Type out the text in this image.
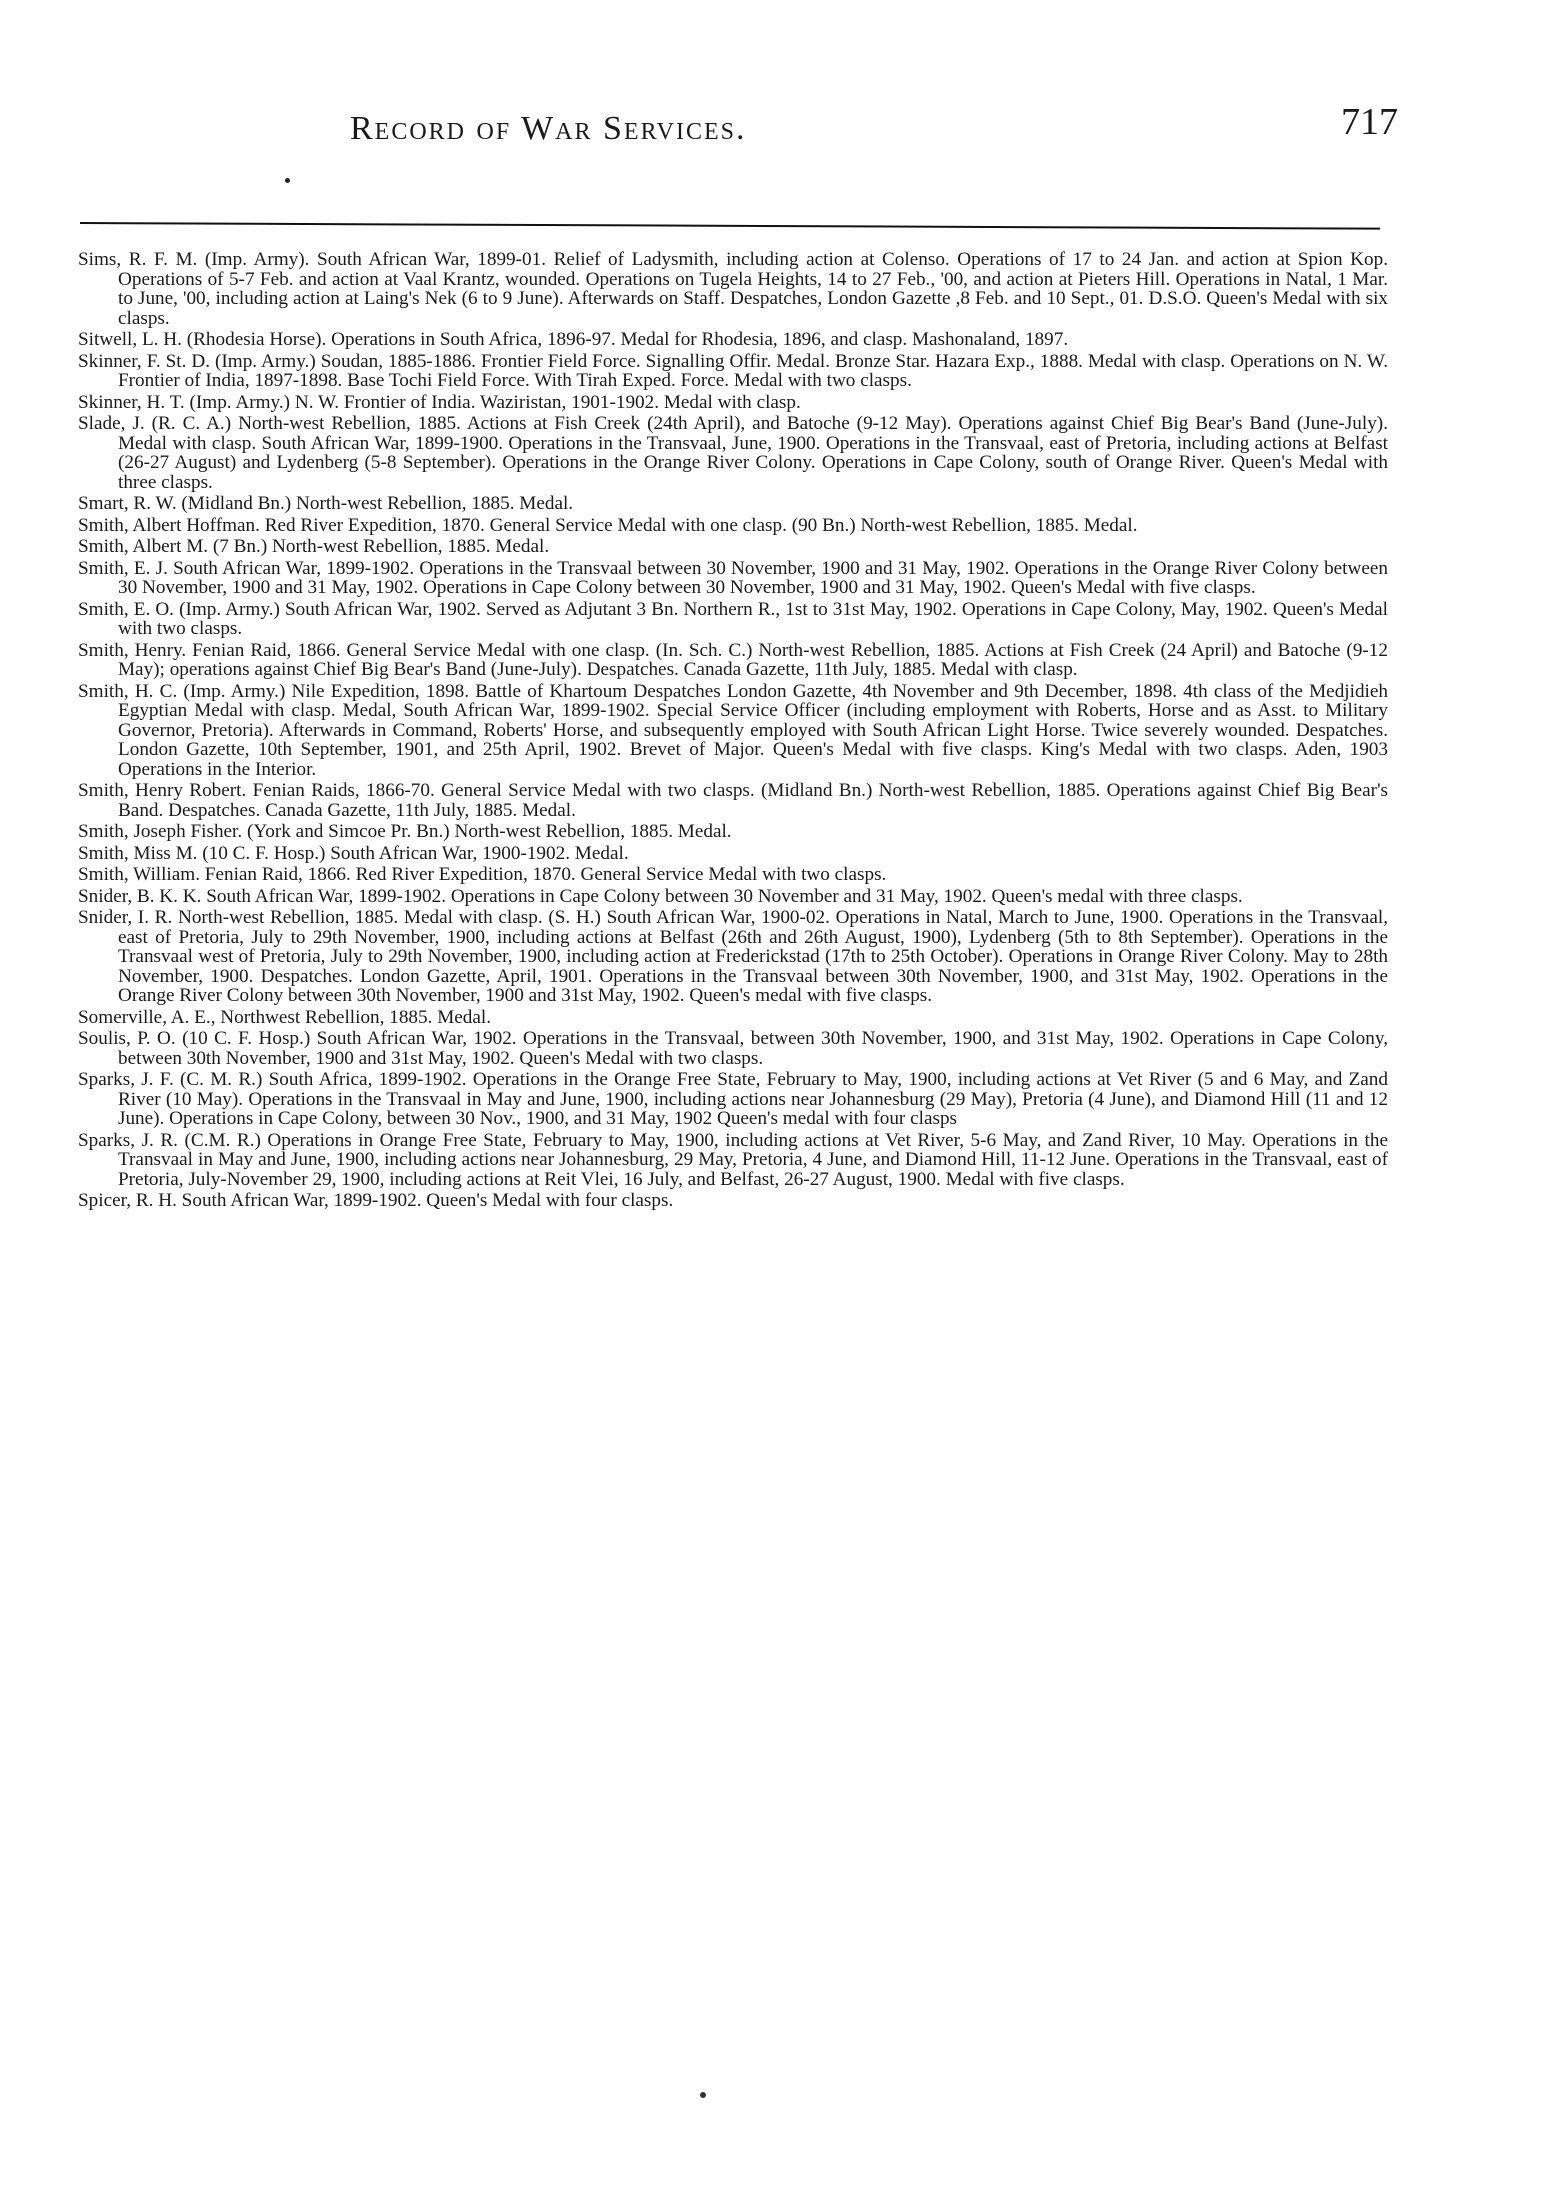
Record of War Services.	717

Sims, R. F. M. (Imp. Army). South African War, 1899-01. Relief of Ladysmith, including action at Colenso. Operations of 17 to 24 Jan. and action at Spion Kop. Operations of 5-7 Feb. and action at Vaal Krantz, wounded. Operations on Tugela Heights, 14 to 27 Feb., '00, and action at Pieters Hill. Operations in Natal, 1 Mar. to June, '00, including action at Laing's Nek (6 to 9 June). Afterwards on Staff. Despatches, London Gazette ,8 Feb. and 10 Sept., 01. D.S.O. Queen's Medal with six clasps.

Sitwell, L. H. (Rhodesia Horse). Operations in South Africa, 1896-97. Medal for Rhodesia, 1896, and clasp. Mashonaland, 1897.

Skinner, F. St. D. (Imp. Army.) Soudan, 1885-1886. Frontier Field Force. Signalling Offir. Medal. Bronze Star. Hazara Exp., 1888. Medal with clasp. Operations on N. W. Frontier of India, 1897-1898. Base Tochi Field Force. With Tirah Exped. Force. Medal with two clasps.

Skinner, H. T. (Imp. Army.) N. W. Frontier of India. Waziristan, 1901-1902. Medal with clasp.

Slade, J. (R. C. A.) North-west Rebellion, 1885. Actions at Fish Creek (24th April), and Batoche (9-12 May). Operations against Chief Big Bear's Band (June-July). Medal with clasp. South African War, 1899-1900. Operations in the Transvaal, June, 1900. Operations in the Transvaal, east of Pretoria, including actions at Belfast (26-27 August) and Lydenberg (5-8 September). Operations in the Orange River Colony. Operations in Cape Colony, south of Orange River. Queen's Medal with three clasps.

Smart, R. W. (Midland Bn.) North-west Rebellion, 1885. Medal.

Smith, Albert Hoffman. Red River Expedition, 1870. General Service Medal with one clasp. (90 Bn.) North-west Rebellion, 1885. Medal.

Smith, Albert M. (7 Bn.) North-west Rebellion, 1885. Medal.

Smith, E. J. South African War, 1899-1902. Operations in the Transvaal between 30 November, 1900 and 31 May, 1902. Operations in the Orange River Colony between 30 November, 1900 and 31 May, 1902. Operations in Cape Colony between 30 November, 1900 and 31 May, 1902. Queen's Medal with five clasps.

Smith, E. O. (Imp. Army.) South African War, 1902. Served as Adjutant 3 Bn. Northern R., 1st to 31st May, 1902. Operations in Cape Colony, May, 1902. Queen's Medal with two clasps.

Smith, Henry. Fenian Raid, 1866. General Service Medal with one clasp. (In. Sch. C.) North-west Rebellion, 1885. Actions at Fish Creek (24 April) and Batoche (9-12 May); operations against Chief Big Bear's Band (June-July). Despatches. Canada Gazette, 11th July, 1885. Medal with clasp.

Smith, H. C. (Imp. Army.) Nile Expedition, 1898. Battle of Khartoum Despatches London Gazette, 4th November and 9th December, 1898. 4th class of the Medjidieh Egyptian Medal with clasp. Medal, South African War, 1899-1902. Special Service Officer (including employment with Roberts, Horse and as Asst. to Military Governor, Pretoria). Afterwards in Command, Roberts' Horse, and subsequently employed with South African Light Horse. Twice severely wounded. Despatches. London Gazette, 10th September, 1901, and 25th April, 1902. Brevet of Major. Queen's Medal with five clasps. King's Medal with two clasps. Aden, 1903 Operations in the Interior.

Smith, Henry Robert. Fenian Raids, 1866-70. General Service Medal with two clasps. (Midland Bn.) North-west Rebellion, 1885. Operations against Chief Big Bear's Band. Despatches. Canada Gazette, 11th July, 1885. Medal.

Smith, Joseph Fisher. (York and Simcoe Pr. Bn.) North-west Rebellion, 1885. Medal.

Smith, Miss M. (10 C. F. Hosp.) South African War, 1900-1902. Medal.

Smith, William. Fenian Raid, 1866. Red River Expedition, 1870. General Service Medal with two clasps.

Snider, B. K. K. South African War, 1899-1902. Operations in Cape Colony between 30 November and 31 May, 1902. Queen's medal with three clasps.

Snider, I. R. North-west Rebellion, 1885. Medal with clasp. (S. H.) South African War, 1900-02. Operations in Natal, March to June, 1900. Operations in the Transvaal, east of Pretoria, July to 29th November, 1900, including actions at Belfast (26th and 26th August, 1900), Lydenberg (5th to 8th September). Operations in the Transvaal west of Pretoria, July to 29th November, 1900, including action at Frederickstad (17th to 25th October). Operations in Orange River Colony. May to 28th November, 1900. Despatches. London Gazette, April, 1901. Operations in the Transvaal between 30th November, 1900, and 31st May, 1902. Operations in the Orange River Colony between 30th November, 1900 and 31st May, 1902. Queen's medal with five clasps.

Somerville, A. E., Northwest Rebellion, 1885. Medal.

Soulis, P. O. (10 C. F. Hosp.) South African War, 1902. Operations in the Transvaal, between 30th November, 1900, and 31st May, 1902. Operations in Cape Colony, between 30th November, 1900 and 31st May, 1902. Queen's Medal with two clasps.

Sparks, J. F. (C. M. R.) South Africa, 1899-1902. Operations in the Orange Free State, February to May, 1900, including actions at Vet River (5 and 6 May, and Zand River (10 May). Operations in the Transvaal in May and June, 1900, including actions near Johannesburg (29 May), Pretoria (4 June), and Diamond Hill (11 and 12 June). Operations in Cape Colony, between 30 Nov., 1900, and 31 May, 1902 Queen's medal with four clasps

Sparks, J. R. (C.M. R.) Operations in Orange Free State, February to May, 1900, including actions at Vet River, 5-6 May, and Zand River, 10 May. Operations in the Transvaal in May and June, 1900, including actions near Johannesburg, 29 May, Pretoria, 4 June, and Diamond Hill, 11-12 June. Operations in the Transvaal, east of Pretoria, July-November 29, 1900, including actions at Reit Vlei, 16 July, and Belfast, 26-27 August, 1900. Medal with five clasps.

Spicer, R. H. South African War, 1899-1902. Queen's Medal with four clasps.
